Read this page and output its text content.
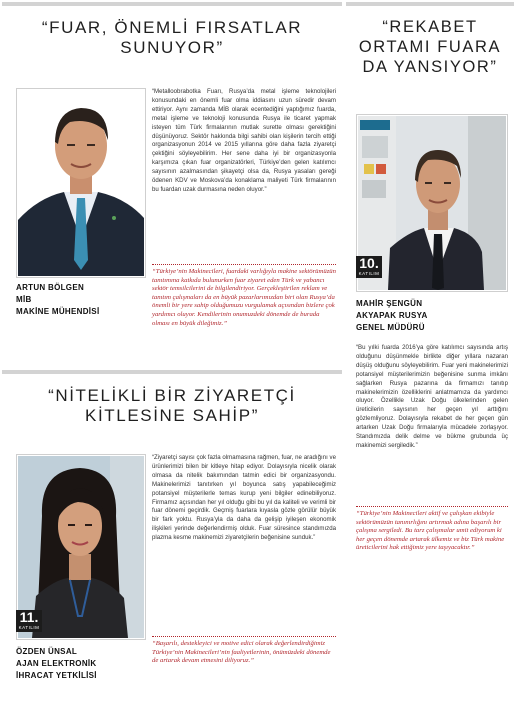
“FUAR, ÖNEMLİ FIRSATLAR SUNUYOR”
ARTUN BÖLGEN
MİB
MAKİNE MÜHENDİSİ
“Metalloobrabotka Fuarı, Rusya’da metal işleme teknolojileri konusundaki en önemli fuar olma iddiasını uzun süredir devam ettiriyor. Aynı zamanda MİB olarak ecentediğini yaptığımız fuarda, metal işleme ve teknoloji konusunda Rusya ile ticaret yapmak isteyen tüm Türk firmalarının mutlak surette olması gerektiğini düşünüyoruz. Sektör hakkında bilgi sahibi olan kişilerin tercih ettiği organizasyonun 2014 ve 2015 yıllarına göre daha fazla ziyaretçi çektiğini söyleyebilirim. Her sene daha iyi bir organizasyonla karşımıza çıkan fuar organizatörleri, Türkiye’den gelen katılımcı sayısının azalmasından şikayetçi olsa da, Rusya yasaları gereği ödenen KDV ve Moskova’da konaklama maliyeti Türk firmalarının bu fuardan uzak durmasına neden oluyor.”
“Türkiye’nin Makinecileri, fuardaki varlığıyla makine sektörümüzün tanıtımına katkıda bulunurken fuar ziyaret eden Türk ve yabancı sektör temsilcilerini de bilgilendiriyor. Gerçekleştirilen reklam ve tanıtım çalışmaları da en büyük pazarlarımızdan biri olan Rusya’da önemli bir yere sahip olduğumuzu vurgulamak açısından bizlere çok yardımcı oluyor. Kendilerinin onumuzdeki dönemde de burada olması en büyük dileğimiz.”
“REKABET ORTAMI FUARA DA YANSIYOR”
10.
KATILIM
MAHİR ŞENGÜN
AKYAPAK RUSYA
GENEL MÜDÜRÜ
“Bu yılki fuarda 2016’ya göre katılımcı sayısında artış olduğunu düşünmekle birlikte diğer yıllara nazaran düşüş olduğunu söyleyebilirim. Fuar yeni makinelerimizi potansiyel müşterilerimizin beğenisine sunma imkânı sağlarken Rusya pazarına da firmamızı tanıtıp makinelerimizin özelliklerini anlatmamıza da yardımcı oluyor. Özellikle Uzak Doğu ülkelerinden gelen üreticilerin sayısının her geçen yıl arttığını gözlemliyoruz. Dolayısıyla rekabet de her geçen gün artarken Uzak Doğu firmalarıyla mücadele zorlaşıyor. Standımızda delik delme ve bükme grubunda üç makinemizi sergiledik.”
“Türkiye’nin Makinecileri aktif ve çalışkan ekibiyle sektörümüzün tanınırlığını artırmak adına başarılı bir çalışma sergiledi. Bu tarz çalışmalar umit ediyorum ki her geçen dönemde artarak ülkemiz ve biz Türk makine üreticilerini hak ettiğimiz yere taşıyacaktır.”
“NİTELİKLİ BİR ZİYARETÇİ KİTLESİNE SAHİP”
11.
KATILIM
ÖZDEN ÜNSAL
AJAN ELEKTRONİK
İHRACAT YETKİLİSİ
“Ziyaretçi sayısı çok fazla olmamasına rağmen, fuar, ne aradığını ve ürünlerimizi bilen bir kitleye hitap ediyor. Dolayısıyla nicelik olarak olmasa da nitelik bakımından tatmin edici bir organizasyondu. Makinelerimizi tanıtırken yıl boyunca satış yapabileceğimiz potansiyel müşterilerle temas kurup yeni bilgiler edinebiliyoruz. Firmamız açısından her yıl olduğu gibi bu yıl da kaliteli ve verimli bir fuar dönemi geçirdik. Geçmiş fuarlara kıyasla gözle görülür büyük bir fark yoktu. Rusya’yla da daha da gelişip iyileşen ekonomik ilişkileri yerinde değerlendirmiş olduk. Fuar süresince standımızda plazma kesme makinemizi ziyaretçilerin beğenisine sunduk.”
“Başarılı, destekleyici ve motive edici olarak değerlendirdiğimiz Türkiye’nin Makinecileri’nin faaliyetlerinin, önümüzdeki dönemde de artarak devam etmesini diliyoruz.”
